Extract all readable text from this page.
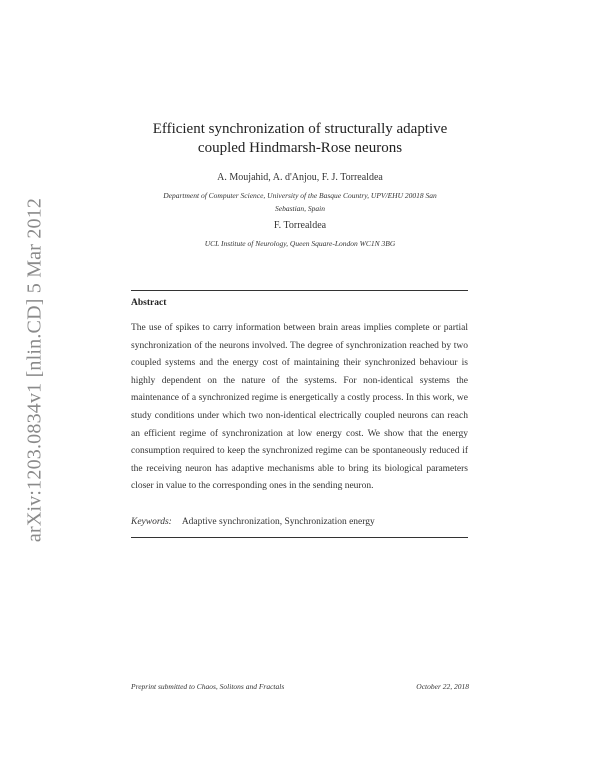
arXiv:1203.0834v1 [nlin.CD] 5 Mar 2012
Efficient synchronization of structurally adaptive
coupled Hindmarsh-Rose neurons
A. Moujahid, A. d'Anjou, F. J. Torrealdea
Department of Computer Science, University of the Basque Country, UPV/EHU 20018 San
Sebastian, Spain
F. Torrealdea
UCL Institute of Neurology, Queen Square-London WC1N 3BG
Abstract
The use of spikes to carry information between brain areas implies complete or partial synchronization of the neurons involved. The degree of synchronization reached by two coupled systems and the energy cost of maintaining their synchronized behaviour is highly dependent on the nature of the systems. For non-identical systems the maintenance of a synchronized regime is energetically a costly process. In this work, we study conditions under which two non-identical electrically coupled neurons can reach an efficient regime of synchronization at low energy cost. We show that the energy consumption required to keep the synchronized regime can be spontaneously reduced if the receiving neuron has adaptive mechanisms able to bring its biological parameters closer in value to the corresponding ones in the sending neuron.
Keywords: Adaptive synchronization, Synchronization energy
Preprint submitted to Chaos, Solitons and Fractals	October 22, 2018
